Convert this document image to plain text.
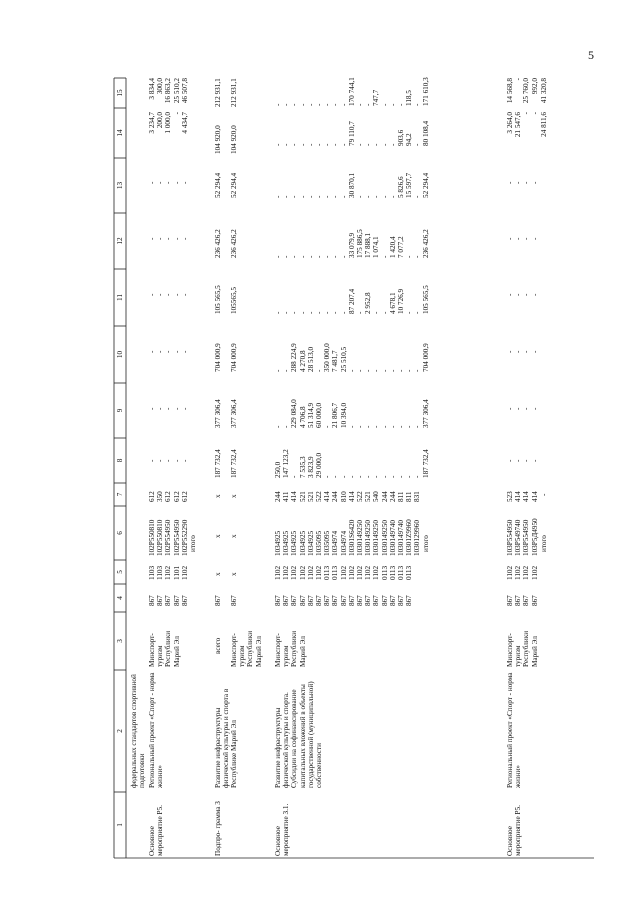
5
1
2
3
4
5
6
7
8
9
10
11
12
13
14
15
федеральных стандартов спортивной подготовки
Основное мероприятие Р5.
Региональный проект «Спорт - норма жизни»
Минспорт- туризм Республики Марий Эл
867
867
867
867
867
1103
1103
1102
1101
1102
102Р550810
102Р550810
102Р554950
102Р554950
102Р552290
612
350
612
612
612
-
-
-
-
-
-
-
-
-
-
-
-
-
-
-
-
-
-
-
-
-
-
-
-
-
-
-
-
-
-
3 234,7
200,0
1 000,0
-
4 434,7
3 834,4
300,0
16 863,2
25 510,2
46 507,8
итого
Подпро- грамма 3
Развитие инфраструктуры физической культуры и спорта в Республике Марий Эл
всего Минспорт- туризм Республики Марий Эл
867

867
х

х
х

х
х

х
187 732,4

187 732,4
377 306,4

377 306,4
704 000,9

704 000,9
105 565,5

105565,5
236 426,2

236 426,2
52 294,4

52 294,4
104 920,0

104 920,0
212 931,1

212 931,1
Основное мероприятие 3.1.
Развитие инфраструктуры физической культуры и спорта. Субсидии на софинансирование капитальных вложений в объекты государственной (муниципальной) собственности
Минспорт- туризм Республики Марий Эл
867
867
867
867
867
867
867
867
867
867
867
867
867
867
867
867
867
1102
1102
1102
1102
1102
1102
0113
0113
1102
1102
1102
1102
1102
0113
0113
0113
0113
1034925
1034925
1034925
1034925
1034925
1035095
1035095
1034974
1034974
10301S6420
1030149250
1030149250
1030149250
1030149250
1030149740
1030149740
10301Z9960
1030129960
244
411
414
521
521
522
414
244
810
414
522
521
540
244
244
811
811
831
250,0
147 123,2
-
7 535,3
3 823,9
29 000,0
-
-
-
-
-
-
-
-
-
-
-
-
-
-
229 084,0
4 706,8
51 314,9
60 000,0
-
21 806,7
10 394,0
-
-
-
-
-
-
-
-
-
-
-
288 224,9
4 270,8
28 513,0
-
350 000,0
7 481,7
25 510,5
-
-
-
-
-
-
-
-
-
-
-
-
-
-
-
-
-
-
87 207,4
-
2 952,8
-
-
4 678,1
10 726,9
-
-
-
-
-
-
-
-
-
-
-
33 079,9
175 886,5
17 888,1
1 074,1
-
1 420,4
7 077,2
-
-
-
-
-
-
-
-
-
-
-
30 870,1
-
-
-
-
-
5 826,6
15 597,7
-
-
-
-
-
-
-
-
-
-
79 110,7
-
-
-
-
-
903,6
94,2
-
-
-
-
-
-
-
-
-
-
170 744,1
-
-
747,7
-
-
-
118,5
-
итого
187 732,4
377 306,4
704 000,9
105 565,5
236 426,2
52 294,4
80 108,4
171 610,3
Основное мероприятие Р5.
Региональный проект «Спорт - норма жизни»
Минспорт- туризм Республики Марий Эл
867
867
867
867
1102
1102
1102
1102
103Р554950
103Р549740
103Р554950
103Р5Д4950
523
414
414
414
-
-
-
-
-
-
-
-
-
-
-
-
-
-
-
-
-
-
-
-
-
-
-
-
3 264,0
21 547,6
-
-
14 568,8
-
25 760,0
992,0
итого
-
24 811,6
41 320,8
